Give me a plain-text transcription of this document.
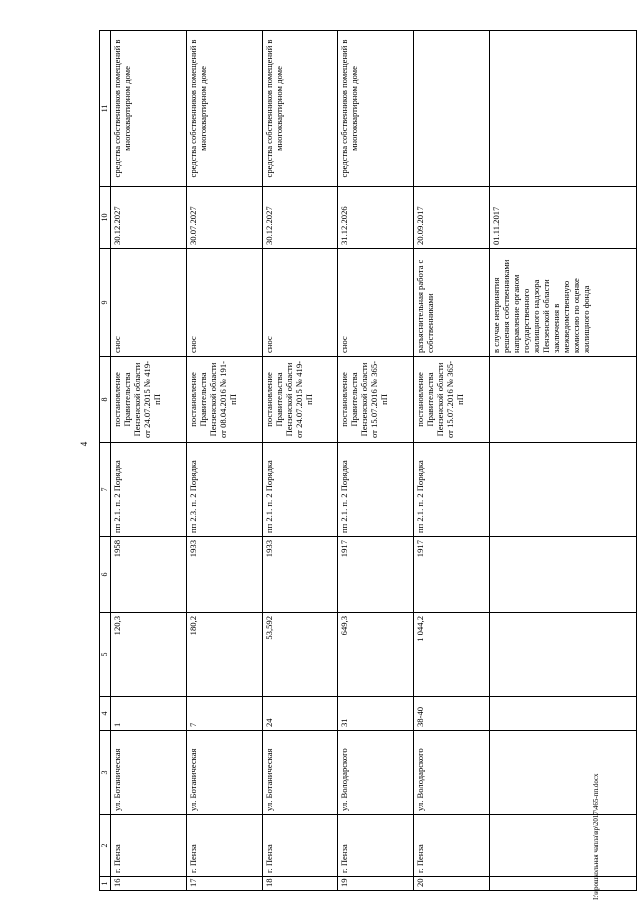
4
1	2	3	4	5	6	7	8	9	10	11
16	г. Пенза	ул. Ботаническая	1	120,3	1958	пп 2.1. п. 2 Порядка	постановление Правительства Пензенской области от 24.07.2015 № 419-пП	снос	30.12.2027	средства собственников помещений в многоквартирном доме
17	г. Пенза	ул. Ботаническая	7	180,2	1933	пп 2.3. п. 2 Порядка	постановление Правительства Пензенской области от 08.04.2016 № 191-пП	снос	30.07.2027	средства собственников помещений в многоквартирном доме
18	г. Пенза	ул. Ботаническая	24	53,592	1933	пп 2.1. п. 2 Порядка	постановление Правительства Пензенской области от 24.07.2015 № 419-пП	снос	30.12.2027	средства собственников помещений в многоквартирном доме
19	г. Пенза	ул. Володарского	31	649,3	1917	пп 2.1. п. 2 Порядка	постановление Правительства Пензенской области от 15.07.2016 № 365-пП	снос	31.12.2026	средства собственников помещений в многоквартирном доме
20	г. Пенза	ул. Володарского	38-40	1 044,2	1917	пп 2.1. п. 2 Порядка	постановление Правительства Пензенской области от 15.07.2016 № 365-пП	разъяснительная работа с собственниками	20.09.2017	
								в случае непринятия решения собственниками направление органом государственного жилищного надзора Пензенской области заключения в межведомственную комиссию по оценке жилищного фонда	01.11.2017	
I:\ирошкольная чапла\вр\2017\465-пп.docx
